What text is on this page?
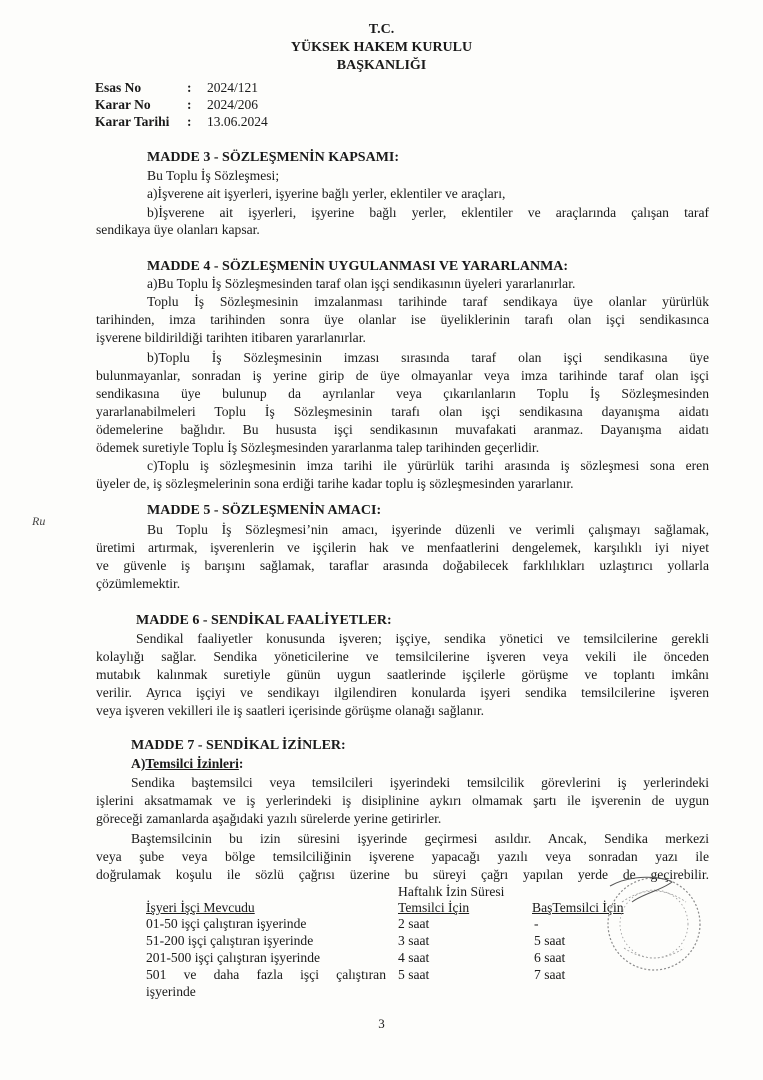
T.C.
YÜKSEK HAKEM KURULU
BAŞKANLIĞI
Esas No	: 2024/121
Karar No	: 2024/206
Karar Tarihi : 13.06.2024
MADDE 3 - SÖZLEŞMENİN KAPSAMI:
Bu Toplu İş Sözleşmesi;
a)İşverene ait işyerleri, işyerine bağlı yerler, eklentiler ve araçları,
b)İşverene ait işyerleri, işyerine bağlı yerler, eklentiler ve araçlarında çalışan taraf
sendikaya üye olanları kapsar.
MADDE 4 - SÖZLEŞMENİN UYGULANMASI VE YARARLANMA:
a)Bu Toplu İş Sözleşmesinden taraf olan işçi sendikasının üyeleri yararlanırlar.
Toplu İş Sözleşmesinin imzalanması tarihinde taraf sendikaya üye olanlar yürürlük
tarihinden, imza tarihinden sonra üye olanlar ise üyeliklerinin tarafı olan işçi sendikasınca
işverene bildirildiği tarihten itibaren yararlanırlar.
b)Toplu İş Sözleşmesinin imzası sırasında taraf olan işçi sendikasına üye
bulunmayanlar, sonradan iş yerine girip de üye olmayanlar veya imza tarihinde taraf olan işçi
sendikasına üye bulunup da ayrılanlar veya çıkarılanların Toplu İş Sözleşmesinden
yararlanabilmeleri Toplu İş Sözleşmesinin tarafı olan işçi sendikasına dayanışma aidatı
ödemelerine bağlıdır. Bu hususta işçi sendikasının muvafakati aranmaz. Dayanışma aidatı
ödemek suretiyle Toplu İş Sözleşmesinden yararlanma talep tarihinden geçerlidir.
c)Toplu iş sözleşmesinin imza tarihi ile yürürlük tarihi arasında iş sözleşmesi sona eren
üyeler de, iş sözleşmelerinin sona erdiği tarihe kadar toplu iş sözleşmesinden yararlanır.
Ru
MADDE 5 - SÖZLEŞMENİN AMACI:
Bu Toplu İş Sözleşmesi’nin amacı, işyerinde düzenli ve verimli çalışmayı sağlamak,
üretimi artırmak, işverenlerin ve işçilerin hak ve menfaatlerini dengelemek, karşılıklı iyi niyet
ve güvenle iş barışını sağlamak, taraflar arasında doğabilecek farklılıkları uzlaştırıcı yollarla
çözümlemektir.
MADDE 6 - SENDİKAL FAALİYETLER:
Sendikal faaliyetler konusunda işveren; işçiye, sendika yönetici ve temsilcilerine gerekli
kolaylığı sağlar. Sendika yöneticilerine ve temsilcilerine işveren veya vekili ile önceden
mutabık kalınmak suretiyle günün uygun saatlerinde işçilerle görüşme ve toplantı imkânı
verilir. Ayrıca işçiyi ve sendikayı ilgilendiren konularda işyeri sendika temsilcilerine işveren
veya işveren vekilleri ile iş saatleri içerisinde görüşme olanağı sağlanır.
MADDE 7 - SENDİKAL İZİNLER:
A)Temsilci İzinleri:
Sendika baştemsilci veya temsilcileri işyerindeki temsilcilik görevlerini iş yerlerindeki
işlerini aksatmamak ve iş yerlerindeki iş disiplinine aykırı olmamak şartı ile işverenin de uygun
göreceği zamanlarda aşağıdaki yazılı sürelerde yerine getirirler.
Baştemsilcinin bu izin süresini işyerinde geçirmesi asıldır. Ancak, Sendika merkezi
veya şube veya bölge temsilciliğinin işverene yapacağı yazılı veya sonradan yazı ile
doğrulamak koşulu ile sözlü çağrısı üzerine bu süreyi çağrı yapılan yerde de geçirebilir.
Haftalık İzin Süresi
İşyeri İşçi Mevcudu	Temsilci İçin	BaşTemsilci İçin
01-50 işçi çalıştıran işyerinde	2 saat	-
51-200 işçi çalıştıran işyerinde	3 saat	5 saat
201-500 işçi çalıştıran işyerinde	4 saat	6 saat
501 ve daha fazla işçi çalıştıran
işyerinde
5 saat	7 saat
3
